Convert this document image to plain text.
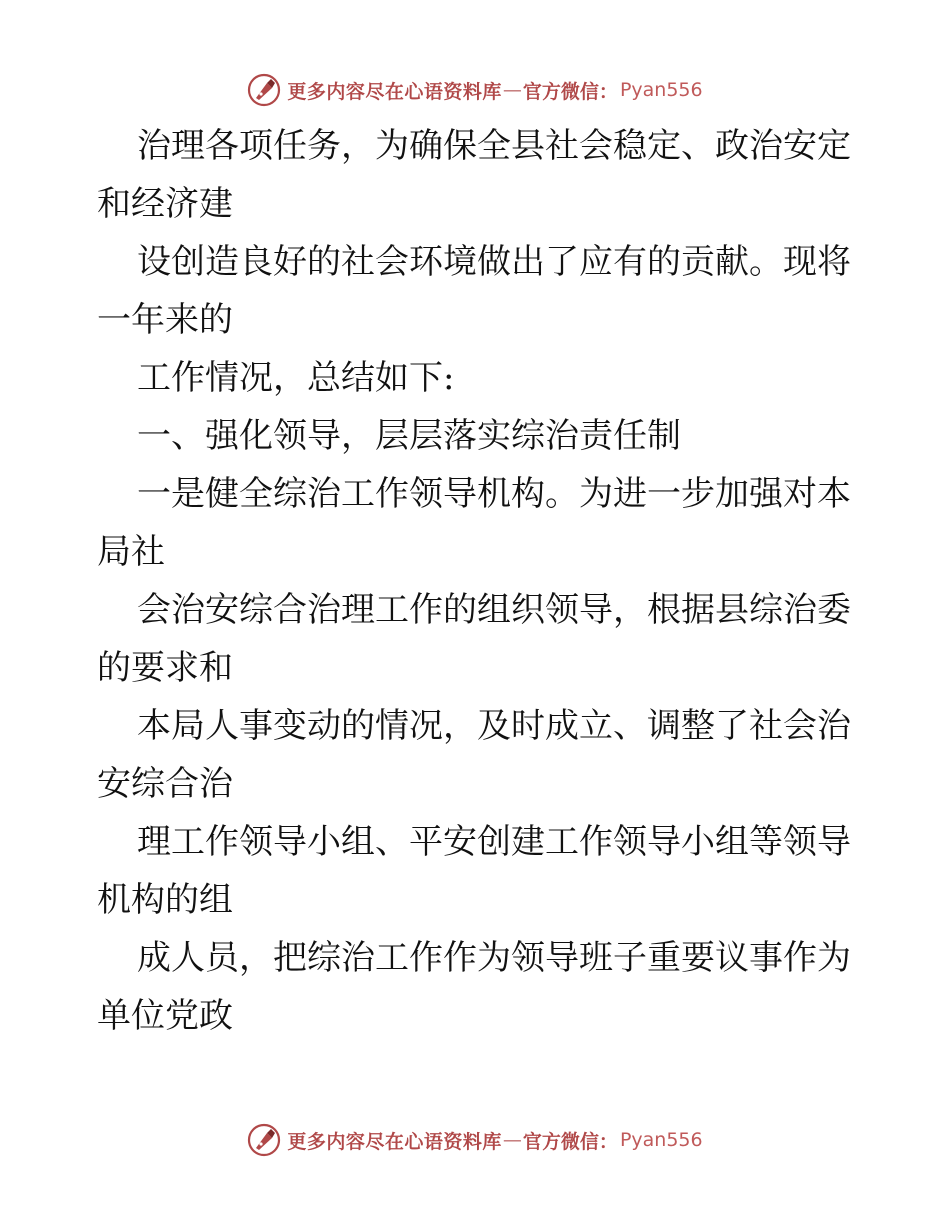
更多内容尽在心语资料库 — 官方微信： Pyan556
治理各项任务，为确保全县社会稳定、政治安定
和经济建
设创造良好的社会环境做出了应有的贡献。现将
一年来的
工作情况，总结如下:
一、强化领导，层层落实综治责任制
一是健全综治工作领导机构。为进一步加强对本
局社
会治安综合治理工作的组织领导，根据县综治委
的要求和
本局人事变动的情况，及时成立、调整了社会治
安综合治
理工作领导小组、平安创建工作领导小组等领导
机构的组
成人员，把综治工作作为领导班子重要议事作为
单位党政
更多内容尽在心语资料库 — 官方微信： Pyan556
